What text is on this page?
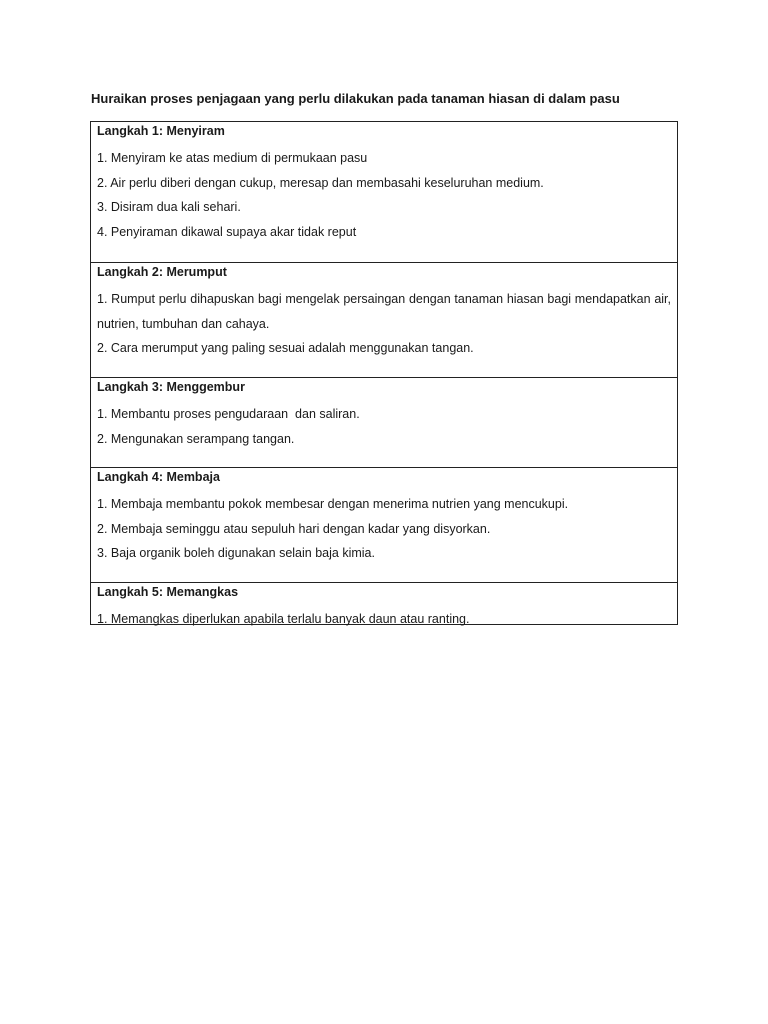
Huraikan proses penjagaan yang perlu dilakukan pada tanaman hiasan di dalam pasu
Langkah 1: Menyiram
1. Menyiram ke atas medium di permukaan pasu
2. Air perlu diberi dengan cukup, meresap dan membasahi keseluruhan medium.
3. Disiram dua kali sehari.
4. Penyiraman dikawal supaya akar tidak reput
Langkah 2: Merumput
1. Rumput perlu dihapuskan bagi mengelak persaingan dengan tanaman hiasan bagi mendapatkan air, nutrien, tumbuhan dan cahaya.
2. Cara merumput yang paling sesuai adalah menggunakan tangan.
Langkah 3: Menggembur
1. Membantu proses pengudaraan  dan saliran.
2. Mengunakan serampang tangan.
Langkah 4: Membaja
1. Membaja membantu pokok membesar dengan menerima nutrien yang mencukupi.
2. Membaja seminggu atau sepuluh hari dengan kadar yang disyorkan.
3. Baja organik boleh digunakan selain baja kimia.
Langkah 5: Memangkas
1. Memangkas diperlukan apabila terlalu banyak daun atau ranting.
